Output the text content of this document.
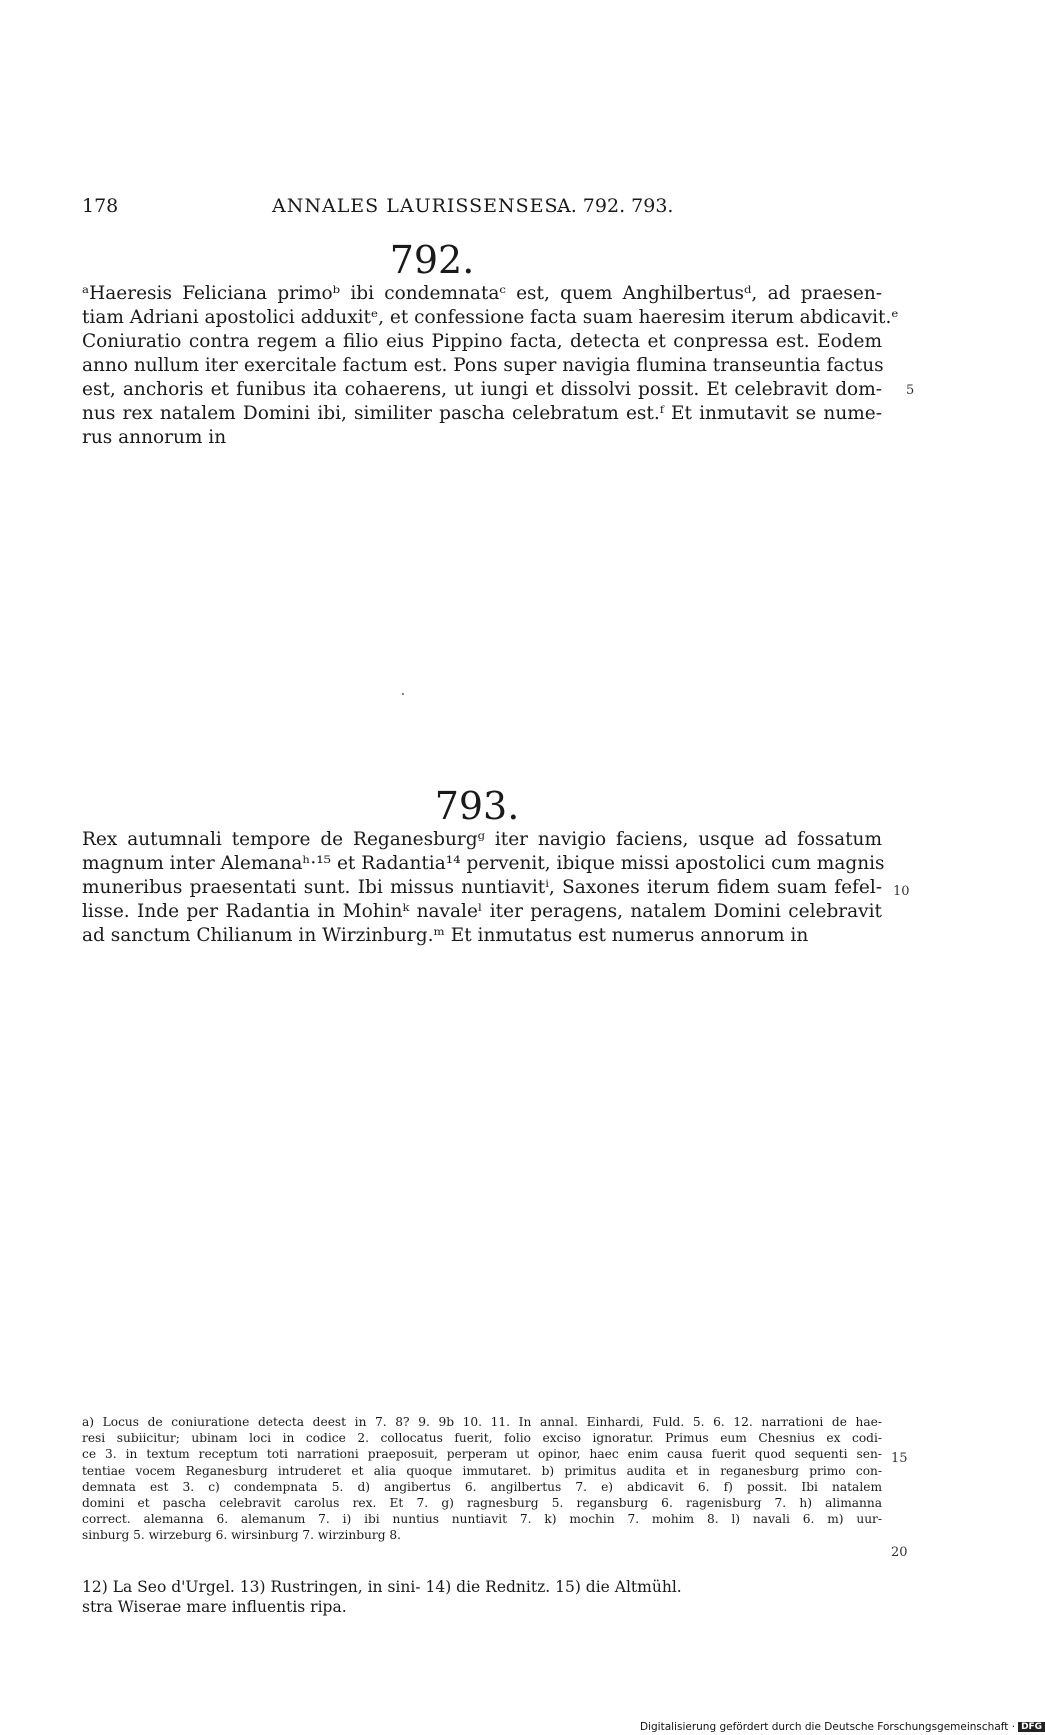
178	ANNALES LAURISSENSES.
A. 792. 793.
792.
ᵃHaeresis Feliciana primoᵇ ibi condemnataᶜ est, quem Anghilbertusᵈ, ad praesen-
tiam Adriani apostolici adduxitᵉ, et confessione facta suam haeresim iterum abdicavit.ᵉ
Coniuratio contra regem a filio eius Pippino facta, detecta et conpressa est. Eodem
anno nullum iter exercitale factum est. Pons super navigia flumina transeuntia factus
est, anchoris et funibus ita cohaerens, ut iungi et dissolvi possit. Et celebravit dom-
nus rex natalem Domini ibi, similiter pascha celebratum est.ᶠ Et inmutavit se nume-
rus annorum in
5
793.
Rex autumnali tempore de Reganesburgᵍ iter navigio faciens, usque ad fossatum
magnum inter Alemanaʰ·¹⁵ et Radantia¹⁴ pervenit, ibique missi apostolici cum magnis
muneribus praesentati sunt. Ibi missus nuntiavitⁱ, Saxones iterum fidem suam fefel-
lisse. Inde per Radantia in Mohinᵏ navaleˡ iter peragens, natalem Domini celebravit
ad sanctum Chilianum in Wirzinburg.ᵐ Et inmutatus est numerus annorum in
10
a) Locus de coniuratione detecta deest in 7. 8? 9. 9b 10. 11. In annal. Einhardi, Fuld. 5. 6. 12. narrationi de hae-
resi subiicitur; ubinam loci in codice 2. collocatus fuerit, folio exciso ignoratur. Primus eum Chesnius ex codi-
ce 3. in textum receptum toti narrationi praeposuit, perperam ut opinor, haec enim causa fuerit quod sequenti sen-
tentiae vocem Reganesburg intruderet et alia quoque immutaret. b) primitus audita et in reganesburg primo con-
demnata est 3. c) condempnata 5. d) angibertus 6. angilbertus 7. e) abdicavit 6. f) possit. Ibi natalem
domini et pascha celebravit carolus rex. Et 7. g) ragnesburg 5. regansburg 6. ragenisburg 7. h) alimanna
correct. alemanna 6. alemanum 7. i) ibi nuntius nuntiavit 7. k) mochin 7. mohim 8. l) navali 6. m) uur-
sinburg 5. wirzeburg 6. wirsinburg 7. wirzinburg 8.
15
20
12) La Seo d'Urgel. 13) Rustringen, in sini- 14) die Rednitz. 15) die Altmühl.
stra Wiserae mare influentis ripa.
Digitalisierung gefördert durch die Deutsche Forschungsgemeinschaft · DFG
